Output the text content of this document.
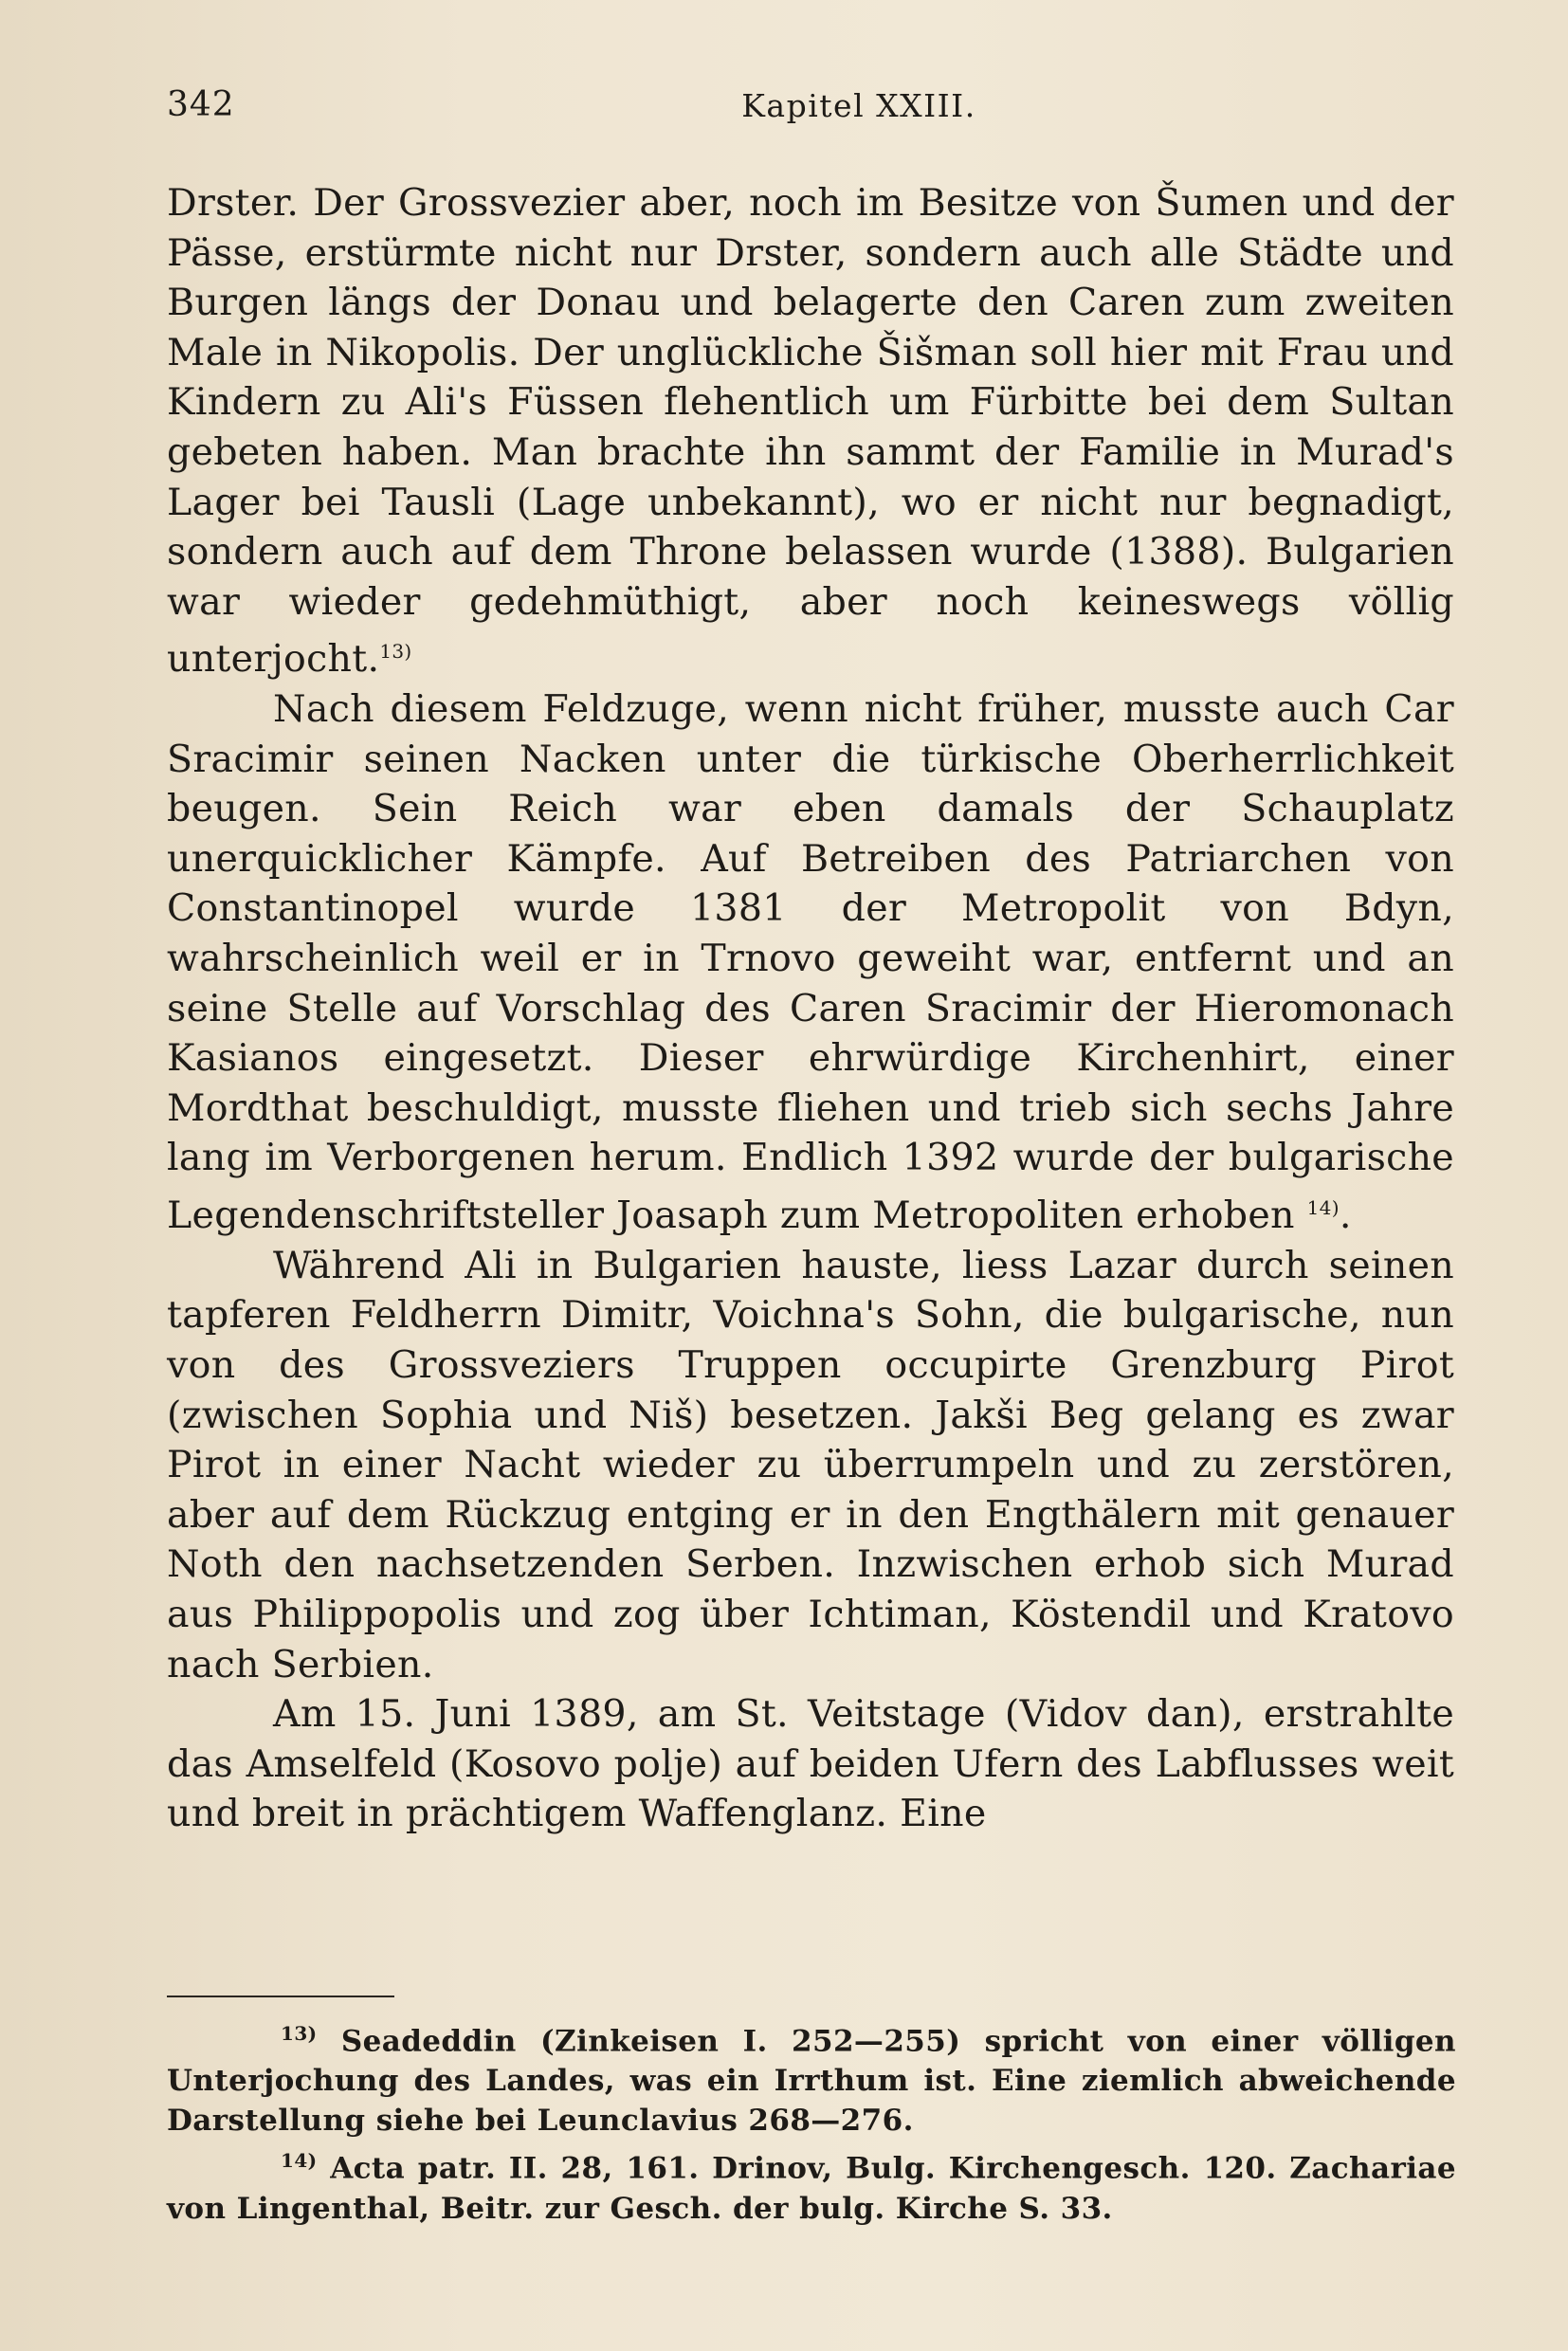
342	Kapitel XXIII.

Drster. Der Grossvezier aber, noch im Besitze von Šumen und der Pässe, erstürmte nicht nur Drster, sondern auch alle Städte und Burgen längs der Donau und belagerte den Caren zum zweiten Male in Nikopolis. Der unglückliche Šišman soll hier mit Frau und Kindern zu Ali's Füssen flehentlich um Fürbitte bei dem Sultan gebeten haben. Man brachte ihn sammt der Familie in Murad's Lager bei Tausli (Lage unbekannt), wo er nicht nur begnadigt, sondern auch auf dem Throne belassen wurde (1388). Bulgarien war wieder gedehmüthigt, aber noch keineswegs völlig unterjocht.$^{13)}$

Nach diesem Feldzuge, wenn nicht früher, musste auch Car Sracimir seinen Nacken unter die türkische Oberherrlichkeit beugen. Sein Reich war eben damals der Schauplatz unerquicklicher Kämpfe. Auf Betreiben des Patriarchen von Constantinopel wurde 1381 der Metropolit von Bdyn, wahrscheinlich weil er in Trnovo geweiht war, entfernt und an seine Stelle auf Vorschlag des Caren Sracimir der Hieromonach Kasianos eingesetzt. Dieser ehrwürdige Kirchenhirt, einer Mordthat beschuldigt, musste fliehen und trieb sich sechs Jahre lang im Verborgenen herum. Endlich 1392 wurde der bulgarische Legendenschriftsteller Joasaph zum Metropoliten erhoben $^{14)}$.

Während Ali in Bulgarien hauste, liess Lazar durch seinen tapferen Feldherrn Dimitr, Voichna's Sohn, die bulgarische, nun von des Grossveziers Truppen occupirte Grenzburg Pirot (zwischen Sophia und Niš) besetzen. Jakši Beg gelang es zwar Pirot in einer Nacht wieder zu überrumpeln und zu zerstören, aber auf dem Rückzug entging er in den Engthälern mit genauer Noth den nachsetzenden Serben. Inzwischen erhob sich Murad aus Philippopolis und zog über Ichtiman, Köstendil und Kratovo nach Serbien.

Am 15. Juni 1389, am St. Veitstage (Vidov dan), erstrahlte das Amselfeld (Kosovo polje) auf beiden Ufern des Labflusses weit und breit in prächtigem Waffenglanz. Eine

$^{13)}$ Seadeddin (Zinkeisen I. 252—255) spricht von einer völligen Unterjochung des Landes, was ein Irrthum ist. Eine ziemlich abweichende Darstellung siehe bei Leunclavius 268—276.

$^{14)}$ Acta patr. II. 28, 161. Drinov, Bulg. Kirchengesch. 120. Zachariae von Lingenthal, Beitr. zur Gesch. der bulg. Kirche S. 33.
